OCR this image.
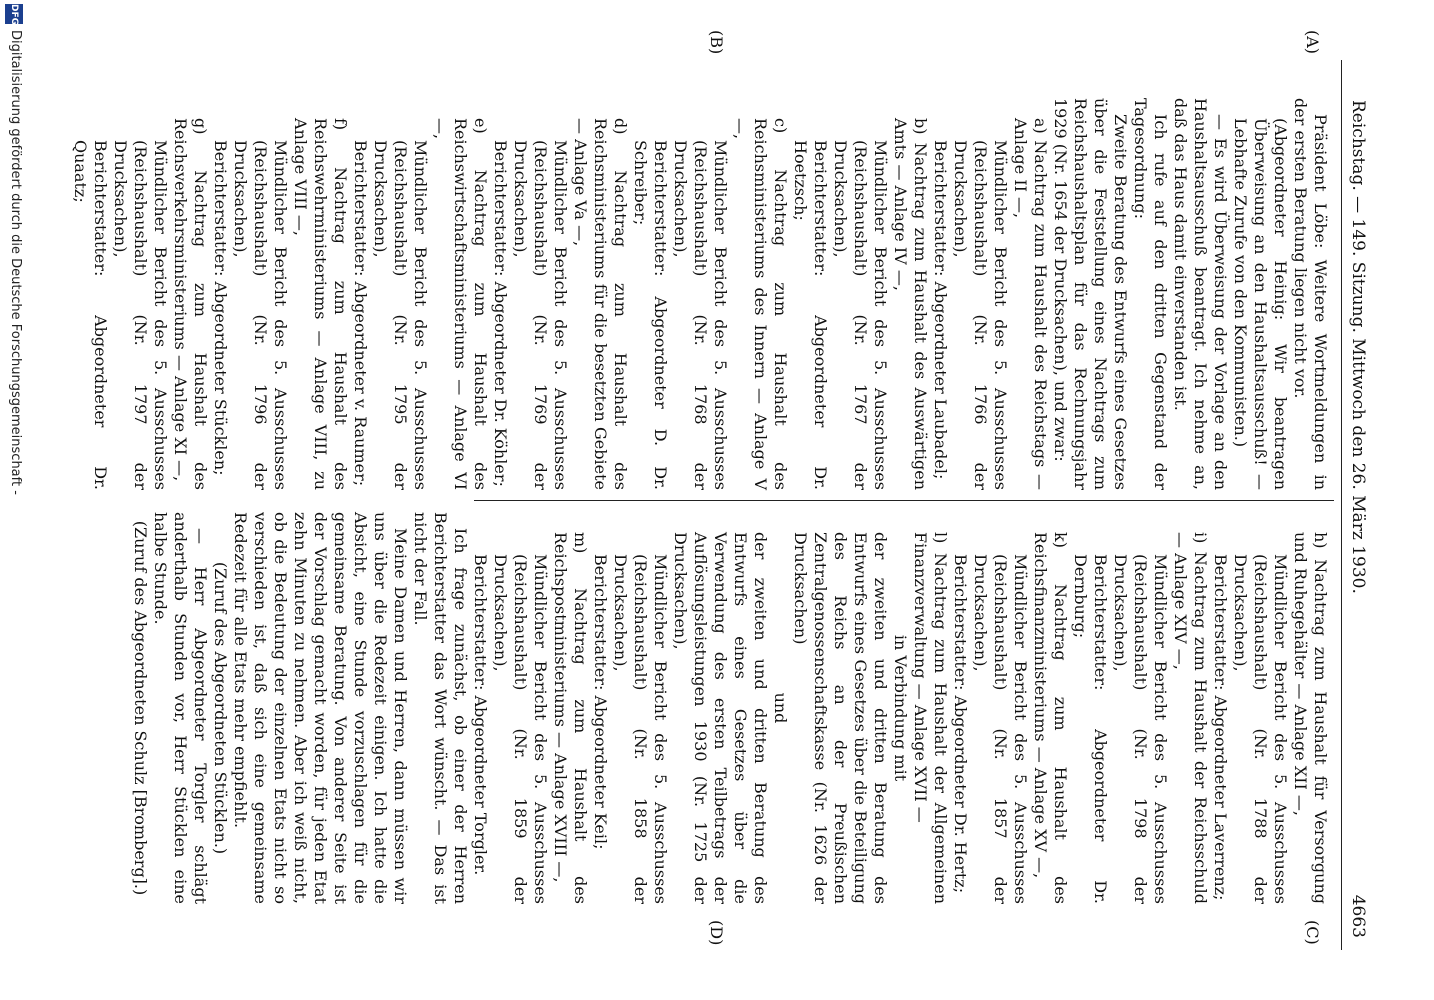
Reichstag. — 149. Sitzung. Mittwoch den 26. März 1930.
4663
(A)
(B)
(C)
(D)

Präsident Löbe: Weitere Wortmeldungen in der ersten Beratung liegen nicht vor.

(Abgeordneter Heinig: Wir beantragen Überweisung an den Haushaltsausschuß! — Lebhafte Zurufe von den Kommunisten.)

— Es wird Überweisung der Vorlage an den Haushaltsausschuß beantragt. Ich nehme an, daß das Haus damit einverstanden ist.

Ich rufe auf den dritten Gegenstand der Tagesordnung:

Zweite Beratung des Entwurfs eines Gesetzes über die Feststellung eines Nachtrags zum Reichshaushaltsplan für das Rechnungsjahr 1929 (Nr. 1654 der Drucksachen), und zwar:

a) Nachtrag zum Haushalt des Reichstags — Anlage II —,

Mündlicher Bericht des 5. Ausschusses (Reichshaushalt) (Nr. 1766 der Drucksachen),

Berichterstatter: Abgeordneter Laubadel;

b) Nachtrag zum Haushalt des Auswärtigen Amts — Anlage IV —,

Mündlicher Bericht des 5. Ausschusses (Reichshaushalt) (Nr. 1767 der Drucksachen),

Berichterstatter: Abgeordneter Dr. Hoetzsch;

c) Nachtrag zum Haushalt des Reichsministeriums des Innern — Anlage V —,

Mündlicher Bericht des 5. Ausschusses (Reichshaushalt) (Nr. 1768 der Drucksachen),

Berichterstatter: Abgeordneter D. Dr. Schreiber;

d) Nachtrag zum Haushalt des Reichsministeriums für die besetzten Gebiete — Anlage Va —,

Mündlicher Bericht des 5. Ausschusses (Reichshaushalt) (Nr. 1769 der Drucksachen),

Berichterstatter: Abgeordneter Dr. Köhler;

e) Nachtrag zum Haushalt des Reichswirtschaftsministeriums — Anlage VI —,

Mündlicher Bericht des 5. Ausschusses (Reichshaushalt) (Nr. 1795 der Drucksachen),

Berichterstatter: Abgeordneter v. Raumer;

f) Nachtrag zum Haushalt des Reichswehrministeriums — Anlage VIII, zu Anlage VIII —,

Mündlicher Bericht des 5. Ausschusses (Reichshaushalt) (Nr. 1796 der Drucksachen),

Berichterstatter: Abgeordneter Stücklen;

g) Nachtrag zum Haushalt des Reichsverkehrsministeriums — Anlage XI —,

Mündlicher Bericht des 5. Ausschusses (Reichshaushalt) (Nr. 1797 der Drucksachen),

Berichterstatter: Abgeordneter Dr. Quaatz;

h) Nachtrag zum Haushalt für Versorgung und Ruhegehälter — Anlage XII —,

Mündlicher Bericht des 5. Ausschusses (Reichshaushalt) (Nr. 1788 der Drucksachen),

Berichterstatter: Abgeordneter Laverrenz;

i) Nachtrag zum Haushalt der Reichsschuld — Anlage XIV —,

Mündlicher Bericht des 5. Ausschusses (Reichshaushalt) (Nr. 1798 der Drucksachen),

Berichterstatter: Abgeordneter Dr. Dernburg;

k) Nachtrag zum Haushalt des Reichsfinanzministeriums — Anlage XV —,

Mündlicher Bericht des 5. Ausschusses (Reichshaushalt) (Nr. 1857 der Drucksachen),

Berichterstatter: Abgeordneter Dr. Hertz;

l) Nachtrag zum Haushalt der Allgemeinen Finanzverwaltung — Anlage XVII —

in Verbindung mit

der zweiten und dritten Beratung des Entwurfs eines Gesetzes über die Beteiligung des Reichs an der Preußischen Zentralgenossenschaftskasse (Nr. 1626 der Drucksachen)

und

der zweiten und dritten Beratung des Entwurfs eines Gesetzes über die Verwendung des ersten Teilbetrags der Auflösungsleistungen 1930 (Nr. 1725 der Drucksachen),

Mündlicher Bericht des 5. Ausschusses (Reichshaushalt) (Nr. 1858 der Drucksachen),

Berichterstatter: Abgeordneter Keil;

m) Nachtrag zum Haushalt des Reichspostministeriums — Anlage XVIII —,

Mündlicher Bericht des 5. Ausschusses (Reichshaushalt) (Nr. 1859 der Drucksachen),

Berichterstatter: Abgeordneter Torgler.

Ich frage zunächst, ob einer der Herren Berichterstatter das Wort wünscht. — Das ist nicht der Fall.

Meine Damen und Herren, dann müssen wir uns über die Redezeit einigen. Ich hatte die Absicht, eine Stunde vorzuschlagen für die gemeinsame Beratung. Von anderer Seite ist der Vorschlag gemacht worden, für jeden Etat zehn Minuten zu nehmen. Aber ich weiß nicht, ob die Bedeutung der einzelnen Etats nicht so verschieden ist, daß sich eine gemeinsame Redezeit für alle Etats mehr empfiehlt.

(Zuruf des Abgeordneten Stücklen.)

— Herr Abgeordneter Torgler schlägt anderthalb Stunden vor, Herr Stücklen eine halbe Stunde.

(Zuruf des Abgeordneten Schulz [Bromberg].)

DFG
Digitalisierung gefördert durch die Deutsche Forschungsgemeinschaft -
